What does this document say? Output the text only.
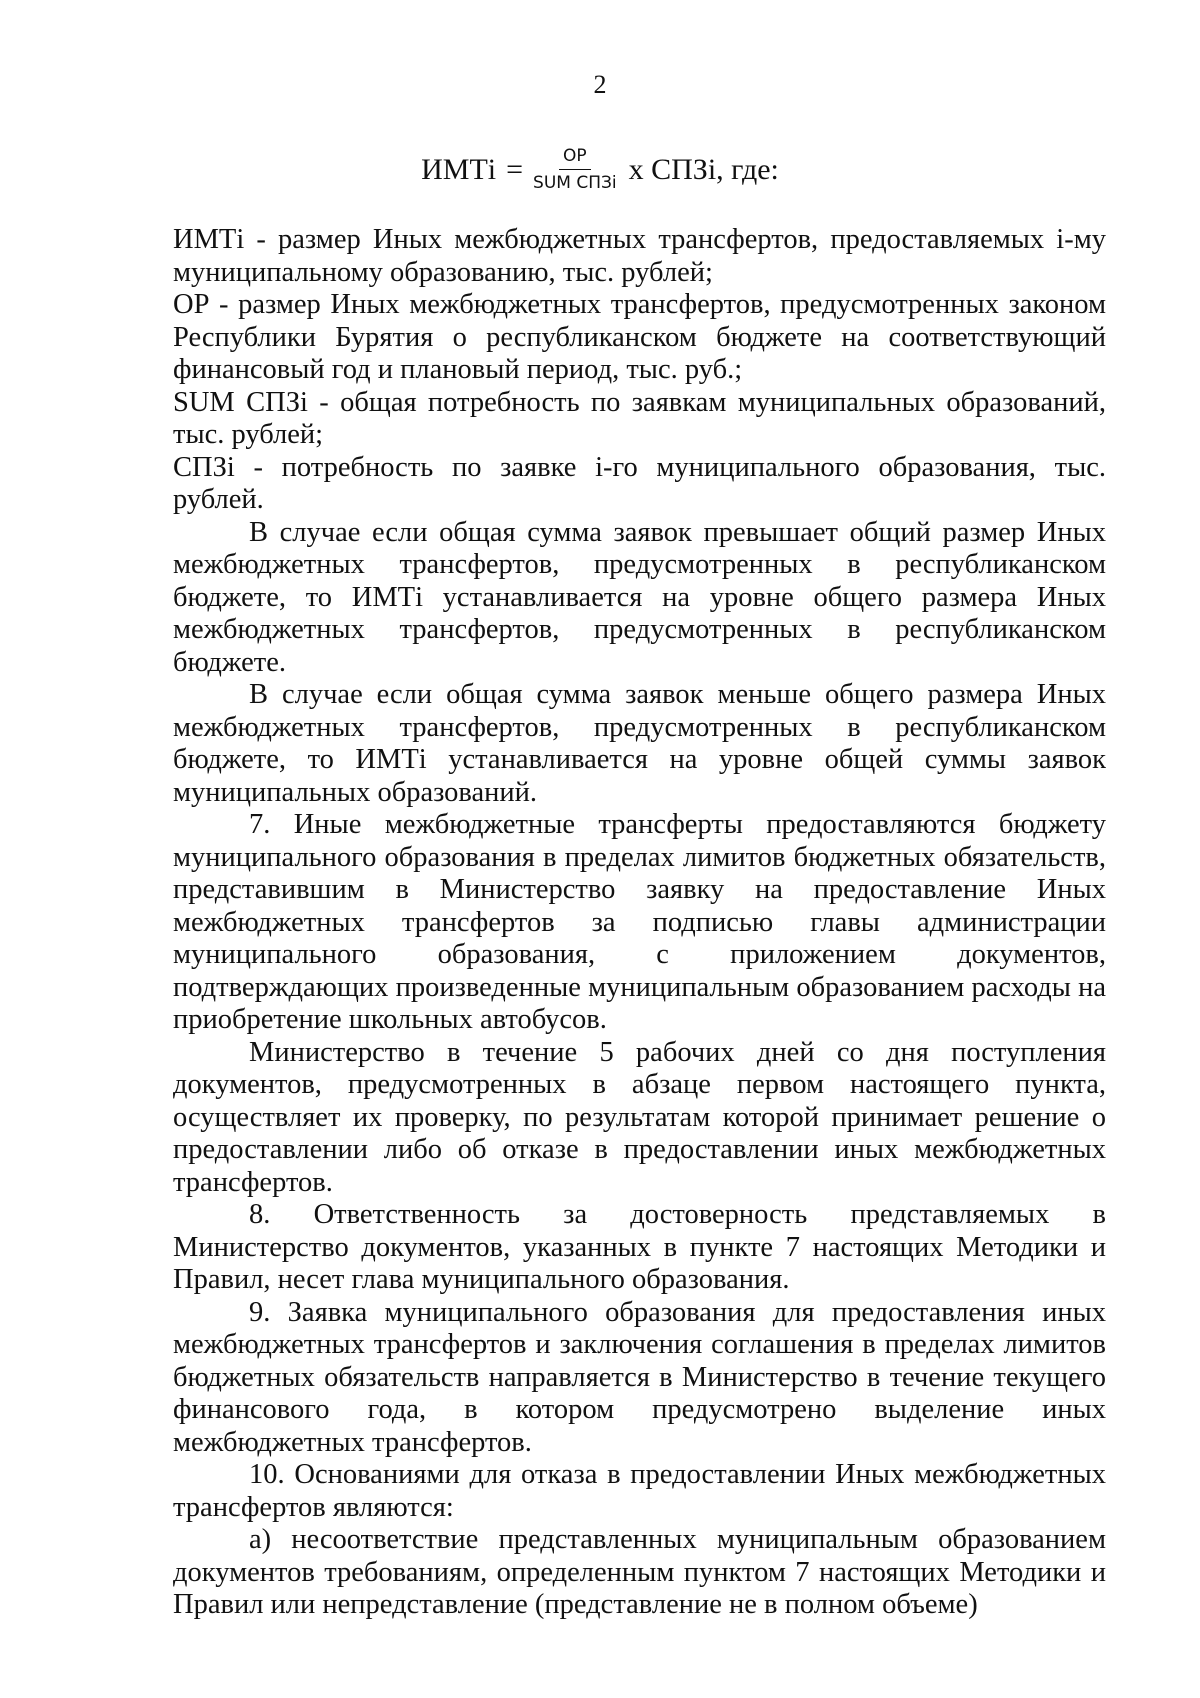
2
ИМТi = $\frac{ОР}{\text{SUM СПЗi}}$ х СПЗi, где:

ИМТi - размер Иных межбюджетных трансфертов, предоставляемых i-му муниципальному образованию, тыс. рублей;

ОР - размер Иных межбюджетных трансфертов, предусмотренных законом Республики Бурятия о республиканском бюджете на соответствующий финансовый год и плановый период, тыс. руб.;

SUM СПЗi - общая потребность по заявкам муниципальных образований, тыс. рублей;

СПЗi - потребность по заявке i-го муниципального образования, тыс. рублей.

В случае если общая сумма заявок превышает общий размер Иных межбюджетных трансфертов, предусмотренных в республиканском бюджете, то ИМТi устанавливается на уровне общего размера Иных межбюджетных трансфертов, предусмотренных в республиканском бюджете.

В случае если общая сумма заявок меньше общего размера Иных межбюджетных трансфертов, предусмотренных в республиканском бюджете, то ИМТi устанавливается на уровне общей суммы заявок муниципальных образований.

7. Иные межбюджетные трансферты предоставляются бюджету муниципального образования в пределах лимитов бюджетных обязательств, представившим в Министерство заявку на предоставление Иных межбюджетных трансфертов за подписью главы администрации муниципального образования, с приложением документов, подтверждающих произведенные муниципальным образованием расходы на приобретение школьных автобусов.

Министерство в течение 5 рабочих дней со дня поступления документов, предусмотренных в абзаце первом настоящего пункта, осуществляет их проверку, по результатам которой принимает решение о предоставлении либо об отказе в предоставлении иных межбюджетных трансфертов.

8. Ответственность за достоверность представляемых в Министерство документов, указанных в пункте 7 настоящих Методики и Правил, несет глава муниципального образования.

9. Заявка муниципального образования для предоставления иных межбюджетных трансфертов и заключения соглашения в пределах лимитов бюджетных обязательств направляется в Министерство в течение текущего финансового года, в котором предусмотрено выделение иных межбюджетных трансфертов.

10. Основаниями для отказа в предоставлении Иных межбюджетных трансфертов являются:

а) несоответствие представленных муниципальным образованием документов требованиям, определенным пунктом 7 настоящих Методики и Правил или непредставление (представление не в полном объеме)
